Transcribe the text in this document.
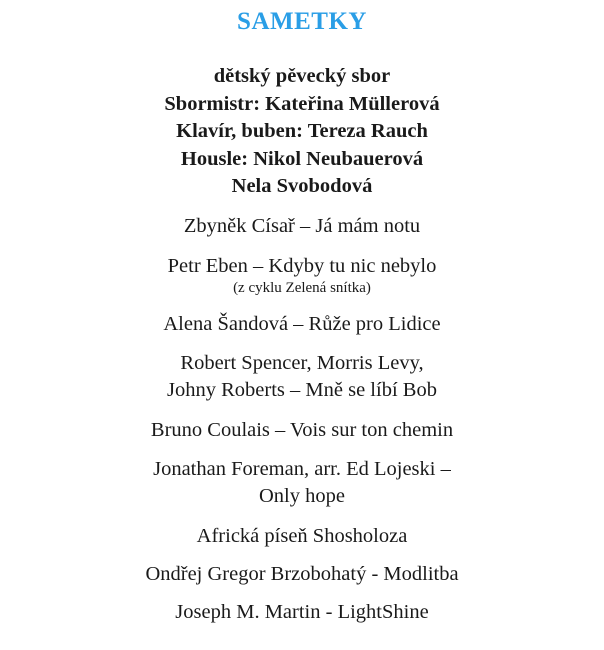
SAMETKY
dětský pěvecký sbor
Sbormistr: Kateřina Müllerová
Klavír, buben: Tereza Rauch
Housle: Nikol Neubauerová
Nela Svobodová
Zbyněk Císař – Já mám notu
Petr Eben – Kdyby tu nic nebylo
(z cyklu Zelená snítka)
Alena Šandová – Růže pro Lidice
Robert Spencer, Morris Levy,
Johny Roberts – Mně se líbí Bob
Bruno Coulais – Vois sur ton chemin
Jonathan Foreman, arr. Ed Lojeski –
Only hope
Africká píseň Shosholoza
Ondřej Gregor Brzobohatý - Modlitba
Joseph M. Martin - LightShine
